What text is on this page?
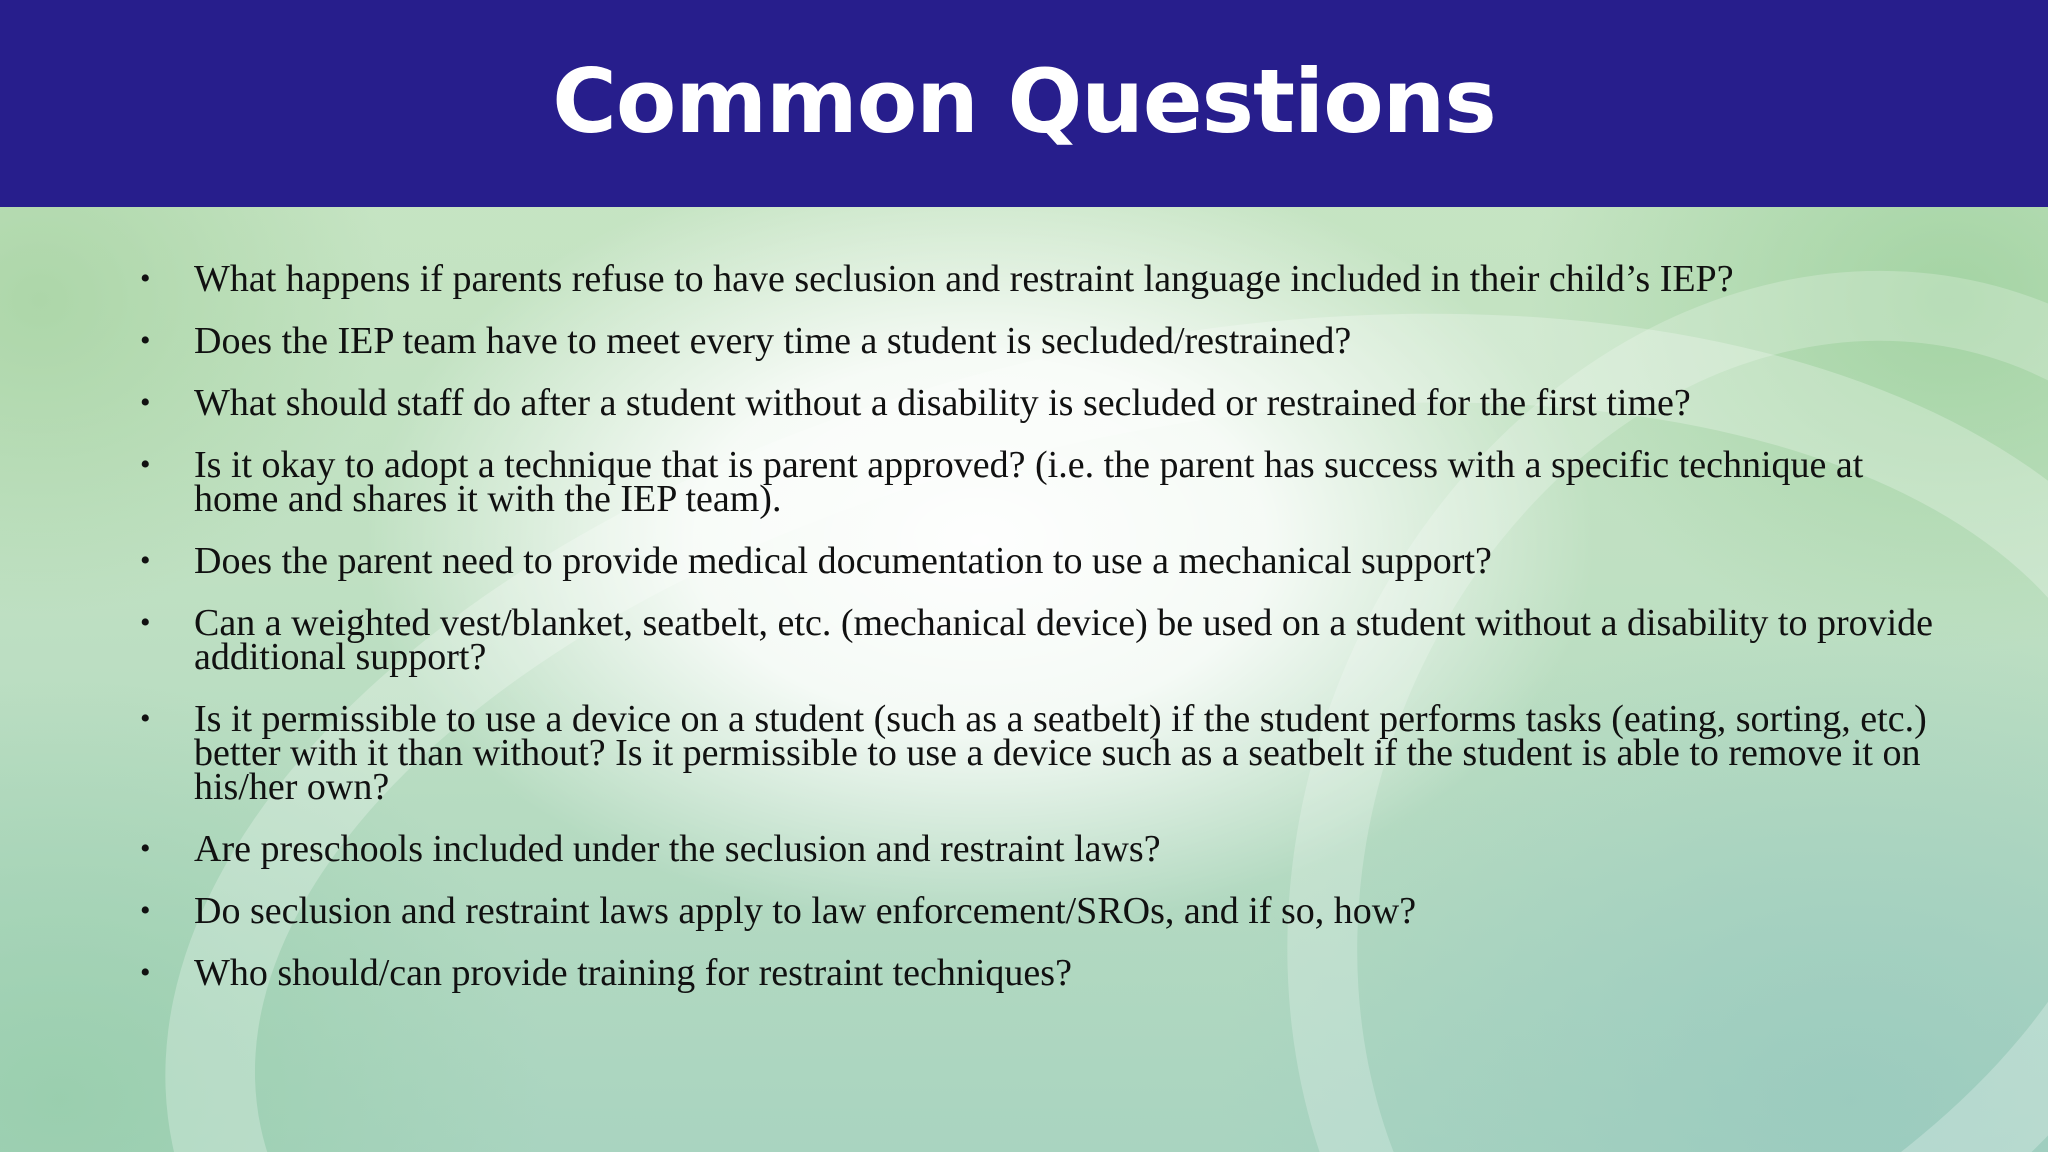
Common Questions
• What happens if parents refuse to have seclusion and restraint language included in their child’s IEP?
• Does the IEP team have to meet every time a student is secluded/restrained?
• What should staff do after a student without a disability is secluded or restrained for the first time?
• Is it okay to adopt a technique that is parent approved? (i.e. the parent has success with a specific technique at home and shares it with the IEP team).
• Does the parent need to provide medical documentation to use a mechanical support?
• Can a weighted vest/blanket, seatbelt, etc. (mechanical device) be used on a student without a disability to provide additional support?
• Is it permissible to use a device on a student (such as a seatbelt) if the student performs tasks (eating, sorting, etc.) better with it than without? Is it permissible to use a device such as a seatbelt if the student is able to remove it on his/her own?
• Are preschools included under the seclusion and restraint laws?
• Do seclusion and restraint laws apply to law enforcement/SROs, and if so, how?
• Who should/can provide training for restraint techniques?
